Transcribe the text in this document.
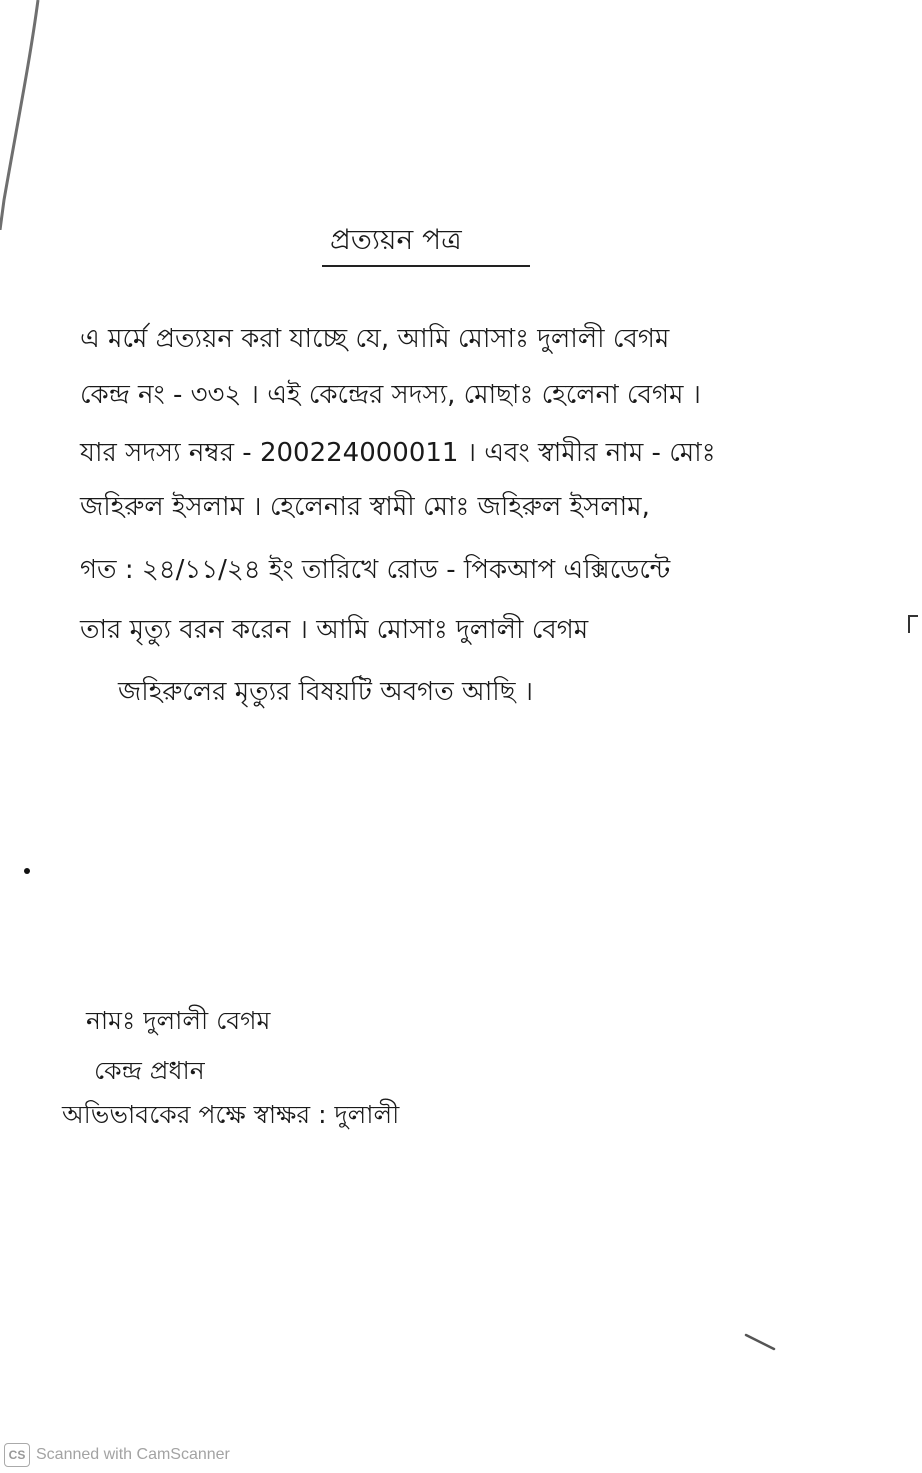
প্রত্যয়ন পত্র
এ মর্মে প্রত্যয়ন করা যাচ্ছে যে, আমি মোসাঃ দুলালী বেগম
কেন্দ্র নং - ৩৩২ । এই কেন্দ্রের সদস্য, মোছাঃ হেলেনা বেগম ।
যার সদস্য নম্বর - 200224000011 । এবং স্বামীর নাম - মোঃ
জহিরুল ইসলাম । হেলেনার স্বামী মোঃ জহিরুল ইসলাম,
গত : ২৪/১১/২৪ ইং তারিখে রোড - পিকআপ এক্সিডেন্টে
তার মৃত্যু বরন করেন । আমি মোসাঃ দুলালী বেগম
জহিরুলের মৃত্যুর বিষয়টি অবগত আছি ।
নামঃ দুলালী বেগম
কেন্দ্র প্রধান
অভিভাবকের পক্ষে স্বাক্ষর : দুলালী
CS Scanned with CamScanner
